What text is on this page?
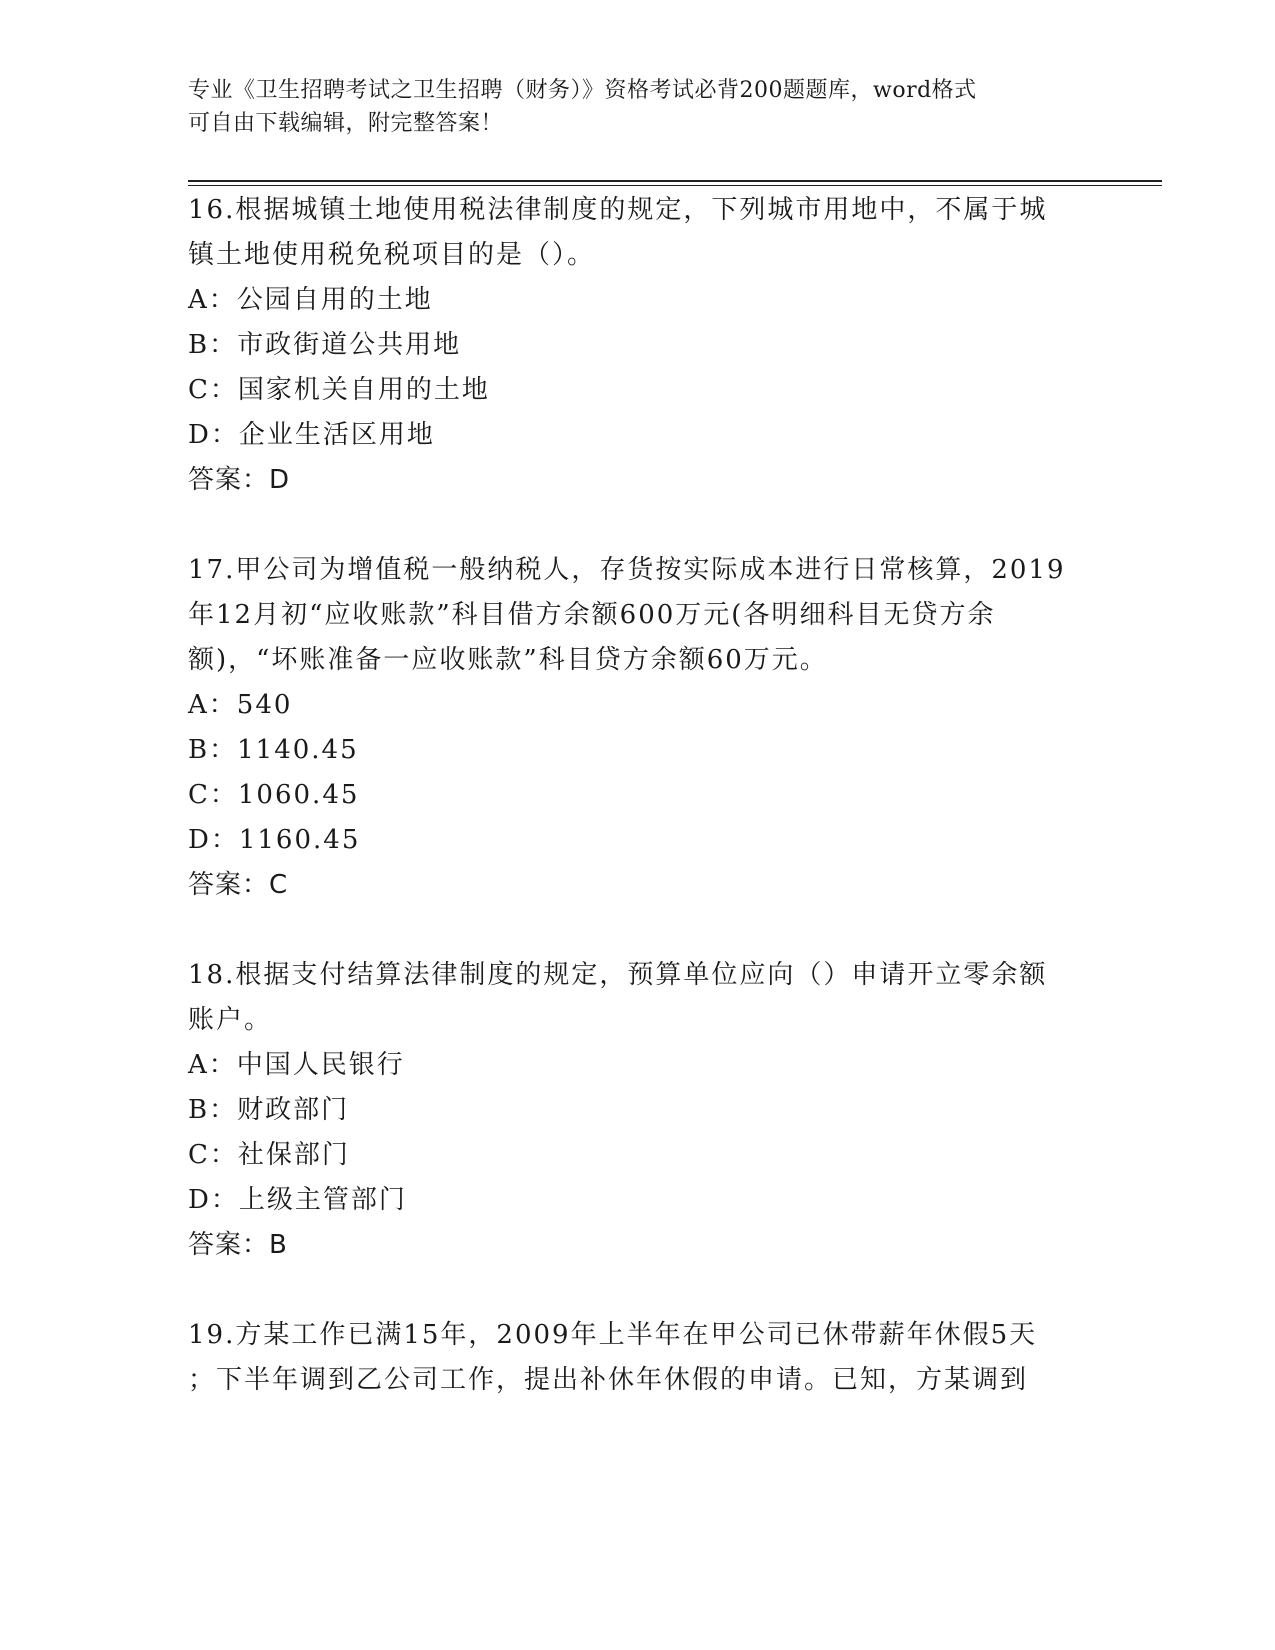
专业《卫生招聘考试之卫生招聘（财务）》资格考试必背200题题库，word格式
可自由下载编辑，附完整答案！

16.根据城镇土地使用税法律制度的规定，下列城市用地中，不属于城

镇土地使用税免税项目的是（）。

A：公园自用的土地

B：市政街道公共用地

C：国家机关自用的土地

D：企业生活区用地

答案：D

17.甲公司为增值税一般纳税人，存货按实际成本进行日常核算，2019

年12月初“应收账款”科目借方余额600万元(各明细科目无贷方余

额)，“坏账准备一应收账款”科目贷方余额60万元。

A：540

B：1140.45

C：1060.45

D：1160.45

答案：C

18.根据支付结算法律制度的规定，预算单位应向（）申请开立零余额

账户。

A：中国人民银行

B：财政部门

C：社保部门

D：上级主管部门

答案：B

19.方某工作已满15年，2009年上半年在甲公司已休带薪年休假5天

；下半年调到乙公司工作，提出补休年休假的申请。已知，方某调到
